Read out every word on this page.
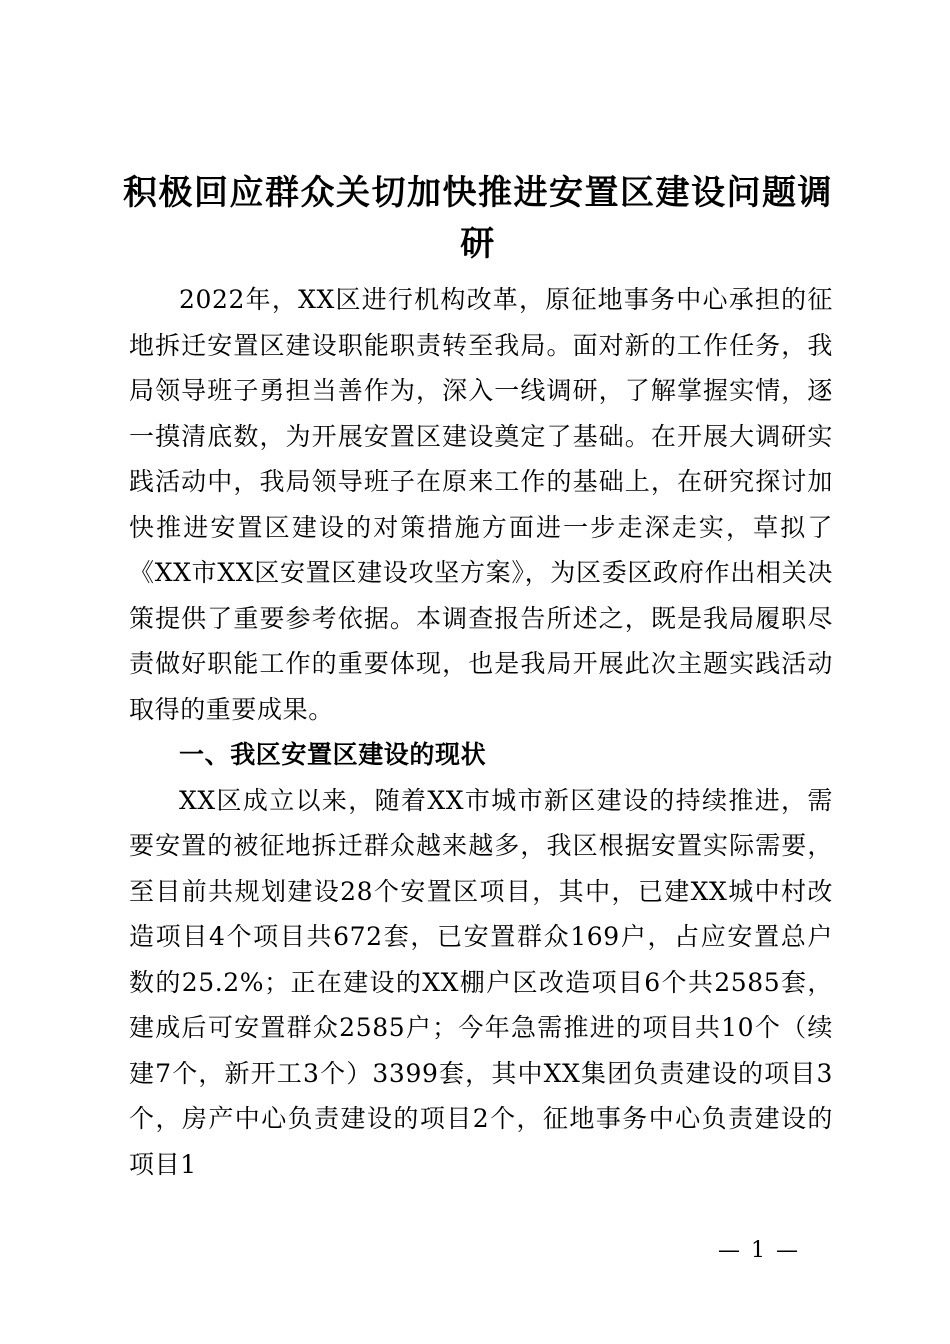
积极回应群众关切加快推进安置区建设问题调研

2022年，XX区进行机构改革，原征地事务中心承担的征地拆迁安置区建设职能职责转至我局。面对新的工作任务，我局领导班子勇担当善作为，深入一线调研，了解掌握实情，逐一摸清底数，为开展安置区建设奠定了基础。在开展大调研实践活动中，我局领导班子在原来工作的基础上，在研究探讨加快推进安置区建设的对策措施方面进一步走深走实，草拟了《XX市XX区安置区建设攻坚方案》，为区委区政府作出相关决策提供了重要参考依据。本调查报告所述之，既是我局履职尽责做好职能工作的重要体现，也是我局开展此次主题实践活动取得的重要成果。

一、我区安置区建设的现状

XX区成立以来，随着XX市城市新区建设的持续推进，需要安置的被征地拆迁群众越来越多，我区根据安置实际需要，至目前共规划建设28个安置区项目，其中，已建XX城中村改造项目4个项目共672套，已安置群众169户，占应安置总户数的25.2%；正在建设的XX棚户区改造项目6个共2585套，建成后可安置群众2585户；今年急需推进的项目共10个（续建7个，新开工3个）3399套，其中XX集团负责建设的项目3个，房产中心负责建设的项目2个，征地事务中心负责建设的项目1

— 1 —
